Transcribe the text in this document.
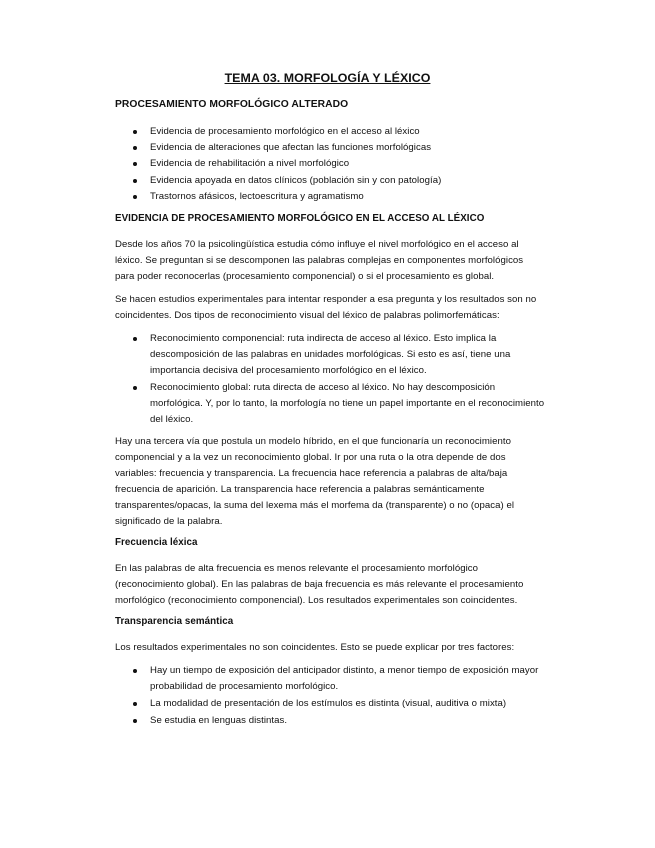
TEMA 03. MORFOLOGÍA Y LÉXICO
PROCESAMIENTO MORFOLÓGICO ALTERADO
Evidencia de procesamiento morfológico en el acceso al léxico
Evidencia de alteraciones que afectan las funciones morfológicas
Evidencia de rehabilitación a nivel morfológico
Evidencia apoyada en datos clínicos (población sin y con patología)
Trastornos afásicos, lectoescritura y agramatismo
EVIDENCIA DE PROCESAMIENTO MORFOLÓGICO EN EL ACCESO AL LÉXICO

Desde los años 70 la psicolingüística estudia cómo influye el nivel morfológico en el acceso al léxico. Se preguntan si se descomponen las palabras complejas en componentes morfológicos para poder reconocerlas (procesamiento componencial) o si el procesamiento es global.

Se hacen estudios experimentales para intentar responder a esa pregunta y los resultados son no coincidentes. Dos tipos de reconocimiento visual del léxico de palabras polimorfemáticas:

Reconocimiento componencial: ruta indirecta de acceso al léxico. Esto implica la descomposición de las palabras en unidades morfológicas. Si esto es así, tiene una importancia decisiva del procesamiento morfológico en el léxico.
Reconocimiento global: ruta directa de acceso al léxico. No hay descomposición morfológica. Y, por lo tanto, la morfología no tiene un papel importante en el reconocimiento del léxico.

Hay una tercera vía que postula un modelo híbrido, en el que funcionaría un reconocimiento componencial y a la vez un reconocimiento global. Ir por una ruta o la otra depende de dos variables: frecuencia y transparencia. La frecuencia hace referencia a palabras de alta/baja frecuencia de aparición. La transparencia hace referencia a palabras semánticamente transparentes/opacas, la suma del lexema más el morfema da (transparente) o no (opaca) el significado de la palabra.

Frecuencia léxica

En las palabras de alta frecuencia es menos relevante el procesamiento morfológico (reconocimiento global). En las palabras de baja frecuencia es más relevante el procesamiento morfológico (reconocimiento componencial). Los resultados experimentales son coincidentes.

Transparencia semántica

Los resultados experimentales no son coincidentes. Esto se puede explicar por tres factores:

Hay un tiempo de exposición del anticipador distinto, a menor tiempo de exposición mayor probabilidad de procesamiento morfológico.
La modalidad de presentación de los estímulos es distinta (visual, auditiva o mixta)
Se estudia en lenguas distintas.
